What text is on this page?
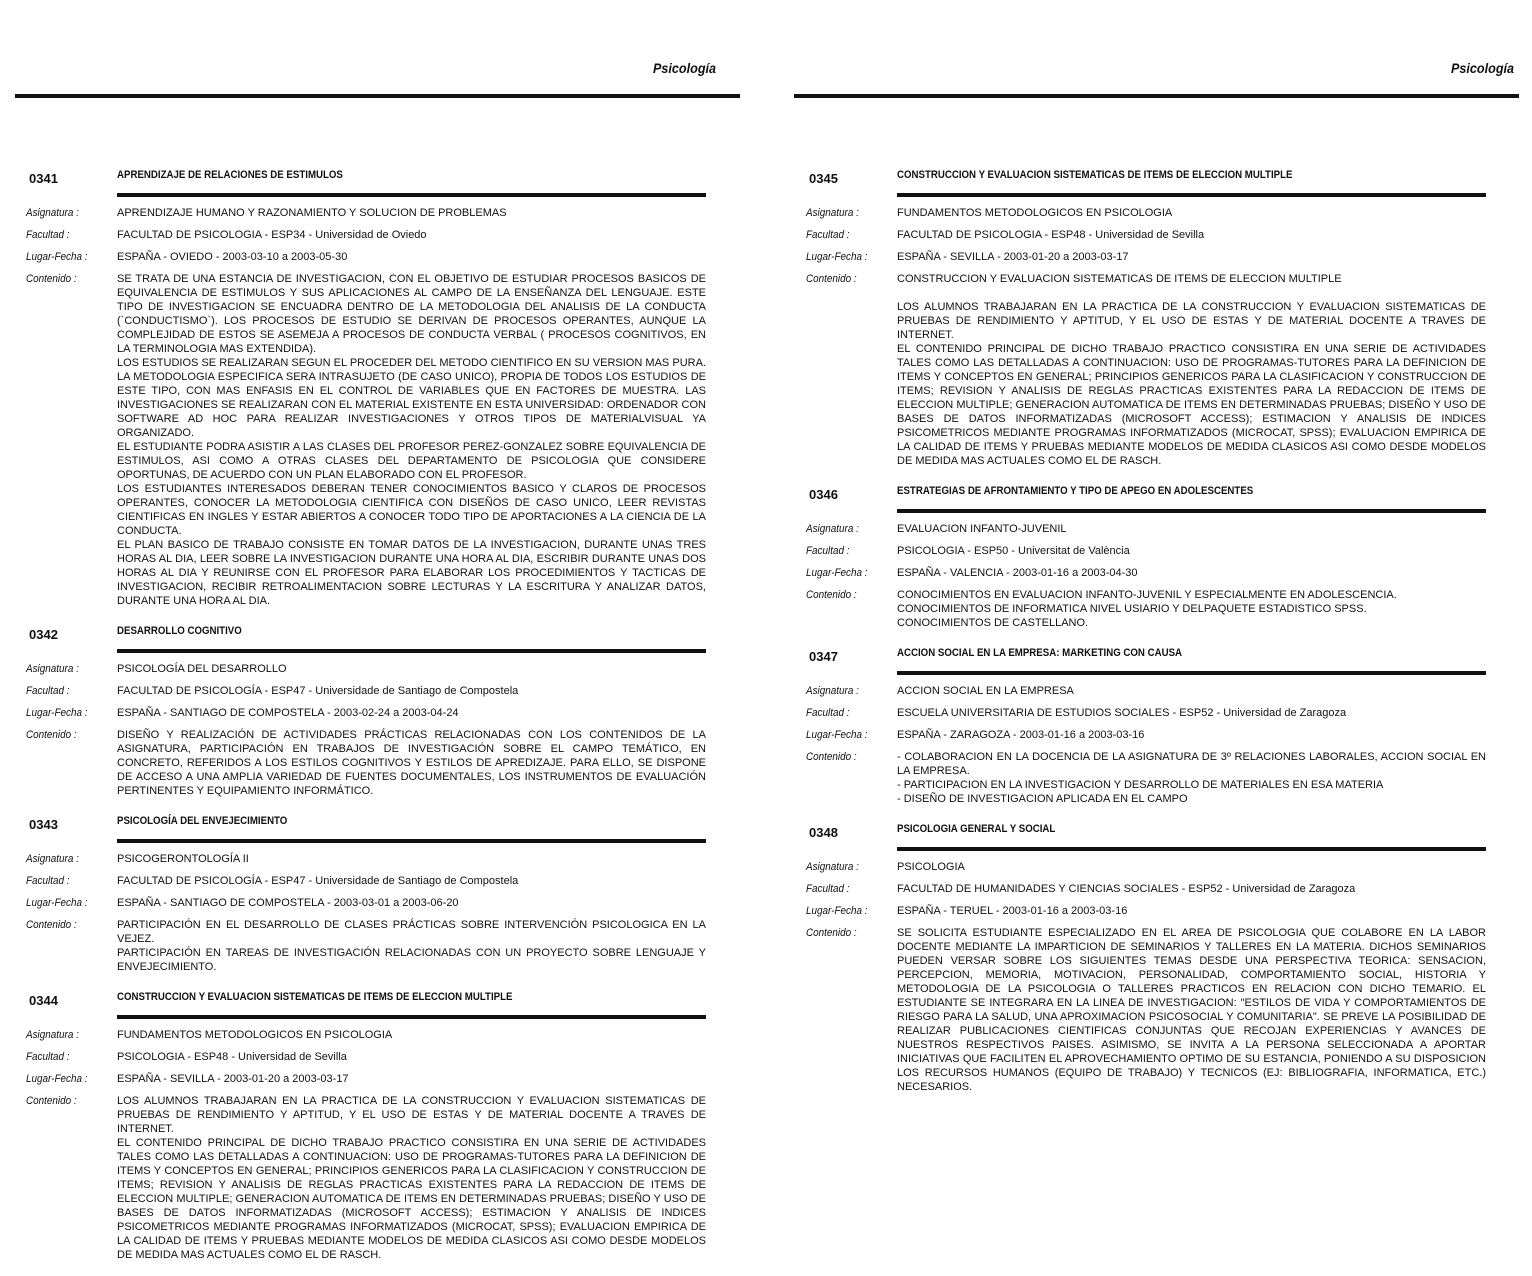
Psicología
0341	APRENDIZAJE DE RELACIONES DE ESTIMULOS
Asignatura :	APRENDIZAJE HUMANO Y RAZONAMIENTO Y SOLUCION DE PROBLEMAS
Facultad :	FACULTAD DE PSICOLOGIA - ESP34 - Universidad de Oviedo
Lugar-Fecha :	ESPAÑA - OVIEDO - 2003-03-10 a 2003-05-30
Contenido :	SE TRATA DE UNA ESTANCIA DE INVESTIGACION, CON EL OBJETIVO DE ESTUDIAR PROCESOS BASICOS DE EQUIVALENCIA DE ESTIMULOS Y SUS APLICACIONES AL CAMPO DE LA ENSEÑANZA DEL LENGUAJE. ESTE TIPO DE INVESTIGACION SE ENCUADRA DENTRO DE LA METODOLOGIA DEL ANALISIS DE LA CONDUCTA (`CONDUCTISMO`). LOS PROCESOS DE ESTUDIO SE DERIVAN DE PROCESOS OPERANTES, AUNQUE LA COMPLEJIDAD DE ESTOS SE ASEMEJA A PROCESOS DE CONDUCTA VERBAL ( PROCESOS COGNITIVOS, EN LA TERMINOLOGIA MAS EXTENDIDA).

LOS ESTUDIOS SE REALIZARAN SEGUN EL PROCEDER DEL METODO CIENTIFICO EN SU VERSION MAS PURA. LA METODOLOGIA ESPECIFICA SERA INTRASUJETO (DE CASO UNICO), PROPIA DE TODOS LOS ESTUDIOS DE ESTE TIPO, CON MAS ENFASIS EN EL CONTROL DE VARIABLES QUE EN FACTORES DE MUESTRA. LAS INVESTIGACIONES SE REALIZARAN CON EL MATERIAL EXISTENTE EN ESTA UNIVERSIDAD: ORDENADOR CON SOFTWARE AD HOC PARA REALIZAR INVESTIGACIONES Y OTROS TIPOS DE MATERIALVISUAL YA ORGANIZADO.

EL ESTUDIANTE PODRA ASISTIR A LAS CLASES DEL PROFESOR PEREZ-GONZALEZ SOBRE EQUIVALENCIA DE ESTIMULOS, ASI COMO A OTRAS CLASES DEL DEPARTAMENTO DE PSICOLOGIA QUE CONSIDERE OPORTUNAS, DE ACUERDO CON UN PLAN ELABORADO CON EL PROFESOR.

LOS ESTUDIANTES INTERESADOS DEBERAN TENER CONOCIMIENTOS BASICO Y CLAROS DE PROCESOS OPERANTES, CONOCER LA METODOLOGIA CIENTIFICA CON DISEÑOS DE CASO UNICO, LEER REVISTAS CIENTIFICAS EN INGLES Y ESTAR ABIERTOS A CONOCER TODO TIPO DE APORTACIONES A LA CIENCIA DE LA CONDUCTA.

EL PLAN BASICO DE TRABAJO CONSISTE EN TOMAR DATOS DE LA INVESTIGACION, DURANTE UNAS TRES HORAS AL DIA, LEER SOBRE LA INVESTIGACION DURANTE UNA HORA AL DIA, ESCRIBIR DURANTE UNAS DOS HORAS AL DIA Y REUNIRSE CON EL PROFESOR PARA ELABORAR LOS PROCEDIMIENTOS Y TACTICAS DE INVESTIGACION, RECIBIR RETROALIMENTACION SOBRE LECTURAS Y LA ESCRITURA Y ANALIZAR DATOS, DURANTE UNA HORA AL DIA.

0342	DESARROLLO COGNITIVO
Asignatura :	PSICOLOGÍA DEL DESARROLLO
Facultad :	FACULTAD DE PSICOLOGÍA - ESP47 - Universidade de Santiago de Compostela
Lugar-Fecha :	ESPAÑA - SANTIAGO DE COMPOSTELA - 2003-02-24 a 2003-04-24
Contenido :	DISEÑO Y REALIZACIÓN DE ACTIVIDADES PRÁCTICAS RELACIONADAS CON LOS CONTENIDOS DE LA ASIGNATURA, PARTICIPACIÓN EN TRABAJOS DE INVESTIGACIÓN SOBRE EL CAMPO TEMÁTICO, EN CONCRETO, REFERIDOS A LOS ESTILOS COGNITIVOS Y ESTILOS DE APREDIZAJE. PARA ELLO, SE DISPONE DE ACCESO A UNA AMPLIA VARIEDAD DE FUENTES DOCUMENTALES, LOS INSTRUMENTOS DE EVALUACIÓN PERTINENTES Y EQUIPAMIENTO INFORMÁTICO.

0343	PSICOLOGÍA DEL ENVEJECIMIENTO
Asignatura :	PSICOGERONTOLOGÍA II
Facultad :	FACULTAD DE PSICOLOGÍA - ESP47 - Universidade de Santiago de Compostela
Lugar-Fecha :	ESPAÑA - SANTIAGO DE COMPOSTELA - 2003-03-01 a 2003-06-20
Contenido :	PARTICIPACIÓN EN EL DESARROLLO DE CLASES PRÁCTICAS SOBRE INTERVENCIÓN PSICOLOGICA EN LA VEJEZ.

PARTICIPACIÓN EN TAREAS DE INVESTIGACIÓN RELACIONADAS CON UN PROYECTO SOBRE LENGUAJE Y ENVEJECIMIENTO.

0344	CONSTRUCCION Y EVALUACION SISTEMATICAS DE ITEMS DE ELECCION MULTIPLE
Asignatura :	FUNDAMENTOS METODOLOGICOS EN PSICOLOGIA
Facultad :	PSICOLOGIA - ESP48 - Universidad de Sevilla
Lugar-Fecha :	ESPAÑA - SEVILLA - 2003-01-20 a 2003-03-17
Contenido :	LOS ALUMNOS TRABAJARAN EN LA PRACTICA DE LA CONSTRUCCION Y EVALUACION SISTEMATICAS DE PRUEBAS DE RENDIMIENTO Y APTITUD, Y EL USO DE ESTAS Y DE MATERIAL DOCENTE A TRAVES DE INTERNET.

EL CONTENIDO PRINCIPAL DE DICHO TRABAJO PRACTICO CONSISTIRA EN UNA SERIE DE ACTIVIDADES TALES COMO LAS DETALLADAS A CONTINUACION: USO DE PROGRAMAS-TUTORES PARA LA DEFINICION DE ITEMS Y CONCEPTOS EN GENERAL; PRINCIPIOS GENERICOS PARA LA CLASIFICACION Y CONSTRUCCION DE ITEMS; REVISION Y ANALISIS DE REGLAS PRACTICAS EXISTENTES PARA LA REDACCION DE ITEMS DE ELECCION MULTIPLE; GENERACION AUTOMATICA DE ITEMS EN DETERMINADAS PRUEBAS; DISEÑO Y USO DE BASES DE DATOS INFORMATIZADAS (MICROSOFT ACCESS); ESTIMACION Y ANALISIS DE INDICES PSICOMETRICOS MEDIANTE PROGRAMAS INFORMATIZADOS (MICROCAT, SPSS); EVALUACION EMPIRICA DE LA CALIDAD DE ITEMS Y PRUEBAS MEDIANTE MODELOS DE MEDIDA CLASICOS ASI COMO DESDE MODELOS DE MEDIDA MAS ACTUALES COMO EL DE RASCH.

Psicología
0345	CONSTRUCCION Y EVALUACION SISTEMATICAS DE ITEMS DE ELECCION MULTIPLE
Asignatura :	FUNDAMENTOS METODOLOGICOS EN PSICOLOGIA
Facultad :	FACULTAD DE PSICOLOGIA - ESP48 - Universidad de Sevilla
Lugar-Fecha :	ESPAÑA - SEVILLA - 2003-01-20 a 2003-03-17
Contenido :	CONSTRUCCION Y EVALUACION SISTEMATICAS DE ITEMS DE ELECCION MULTIPLE

LOS ALUMNOS TRABAJARAN EN LA PRACTICA DE LA CONSTRUCCION Y EVALUACION SISTEMATICAS DE PRUEBAS DE RENDIMIENTO Y APTITUD, Y EL USO DE ESTAS Y DE MATERIAL DOCENTE A TRAVES DE INTERNET.

EL CONTENIDO PRINCIPAL DE DICHO TRABAJO PRACTICO CONSISTIRA EN UNA SERIE DE ACTIVIDADES TALES COMO LAS DETALLADAS A CONTINUACION: USO DE PROGRAMAS-TUTORES PARA LA DEFINICION DE ITEMS Y CONCEPTOS EN GENERAL; PRINCIPIOS GENERICOS PARA LA CLASIFICACION Y CONSTRUCCION DE ITEMS; REVISION Y ANALISIS DE REGLAS PRACTICAS EXISTENTES PARA LA REDACCION DE ITEMS DE ELECCION MULTIPLE; GENERACION AUTOMATICA DE ITEMS EN DETERMINADAS PRUEBAS; DISEÑO Y USO DE BASES DE DATOS INFORMATIZADAS (MICROSOFT ACCESS); ESTIMACION Y ANALISIS DE INDICES PSICOMETRICOS MEDIANTE PROGRAMAS INFORMATIZADOS (MICROCAT, SPSS); EVALUACION EMPIRICA DE LA CALIDAD DE ITEMS Y PRUEBAS MEDIANTE MODELOS DE MEDIDA CLASICOS ASI COMO DESDE MODELOS DE MEDIDA MAS ACTUALES COMO EL DE RASCH.

0346	ESTRATEGIAS DE AFRONTAMIENTO Y TIPO DE APEGO EN ADOLESCENTES
Asignatura :	EVALUACION INFANTO-JUVENIL
Facultad :	PSICOLOGIA - ESP50 - Universitat de València
Lugar-Fecha :	ESPAÑA - VALENCIA - 2003-01-16 a 2003-04-30
Contenido :	CONOCIMIENTOS EN EVALUACION INFANTO-JUVENIL Y ESPECIALMENTE EN ADOLESCENCIA.

CONOCIMIENTOS DE INFORMATICA NIVEL USIARIO Y DELPAQUETE ESTADISTICO SPSS.

CONOCIMIENTOS DE CASTELLANO.

0347	ACCION SOCIAL EN LA EMPRESA: MARKETING CON CAUSA
Asignatura :	ACCION SOCIAL EN LA EMPRESA
Facultad :	ESCUELA UNIVERSITARIA DE ESTUDIOS SOCIALES - ESP52 - Universidad de Zaragoza
Lugar-Fecha :	ESPAÑA - ZARAGOZA - 2003-01-16 a 2003-03-16
Contenido :	- COLABORACION EN LA DOCENCIA DE LA ASIGNATURA DE 3º RELACIONES LABORALES, ACCION SOCIAL EN LA EMPRESA.

- PARTICIPACION EN LA INVESTIGACION Y DESARROLLO DE MATERIALES EN ESA MATERIA

- DISEÑO DE INVESTIGACION APLICADA EN EL CAMPO

0348	PSICOLOGIA GENERAL Y SOCIAL
Asignatura :	PSICOLOGIA
Facultad :	FACULTAD DE HUMANIDADES Y CIENCIAS SOCIALES - ESP52 - Universidad de Zaragoza
Lugar-Fecha :	ESPAÑA - TERUEL - 2003-01-16 a 2003-03-16
Contenido :	SE SOLICITA ESTUDIANTE ESPECIALIZADO EN EL AREA DE PSICOLOGIA QUE COLABORE EN LA LABOR DOCENTE MEDIANTE LA IMPARTICION DE SEMINARIOS Y TALLERES EN LA MATERIA. DICHOS SEMINARIOS PUEDEN VERSAR SOBRE LOS SIGUIENTES TEMAS DESDE UNA PERSPECTIVA TEORICA: SENSACION, PERCEPCION, MEMORIA, MOTIVACION, PERSONALIDAD, COMPORTAMIENTO SOCIAL, HISTORIA Y METODOLOGIA DE LA PSICOLOGIA O TALLERES PRACTICOS EN RELACION CON DICHO TEMARIO. EL ESTUDIANTE SE INTEGRARA EN LA LINEA DE INVESTIGACION: "ESTILOS DE VIDA Y COMPORTAMIENTOS DE RIESGO PARA LA SALUD, UNA APROXIMACION PSICOSOCIAL Y COMUNITARIA". SE PREVE LA POSIBILIDAD DE REALIZAR PUBLICACIONES CIENTIFICAS CONJUNTAS QUE RECOJAN EXPERIENCIAS Y AVANCES DE NUESTROS RESPECTIVOS PAISES. ASIMISMO, SE INVITA A LA PERSONA SELECCIONADA A APORTAR INICIATIVAS QUE FACILITEN EL APROVECHAMIENTO OPTIMO DE SU ESTANCIA, PONIENDO A SU DISPOSICION LOS RECURSOS HUMANOS (EQUIPO DE TRABAJO) Y TECNICOS (EJ: BIBLIOGRAFIA, INFORMATICA, ETC.) NECESARIOS.
